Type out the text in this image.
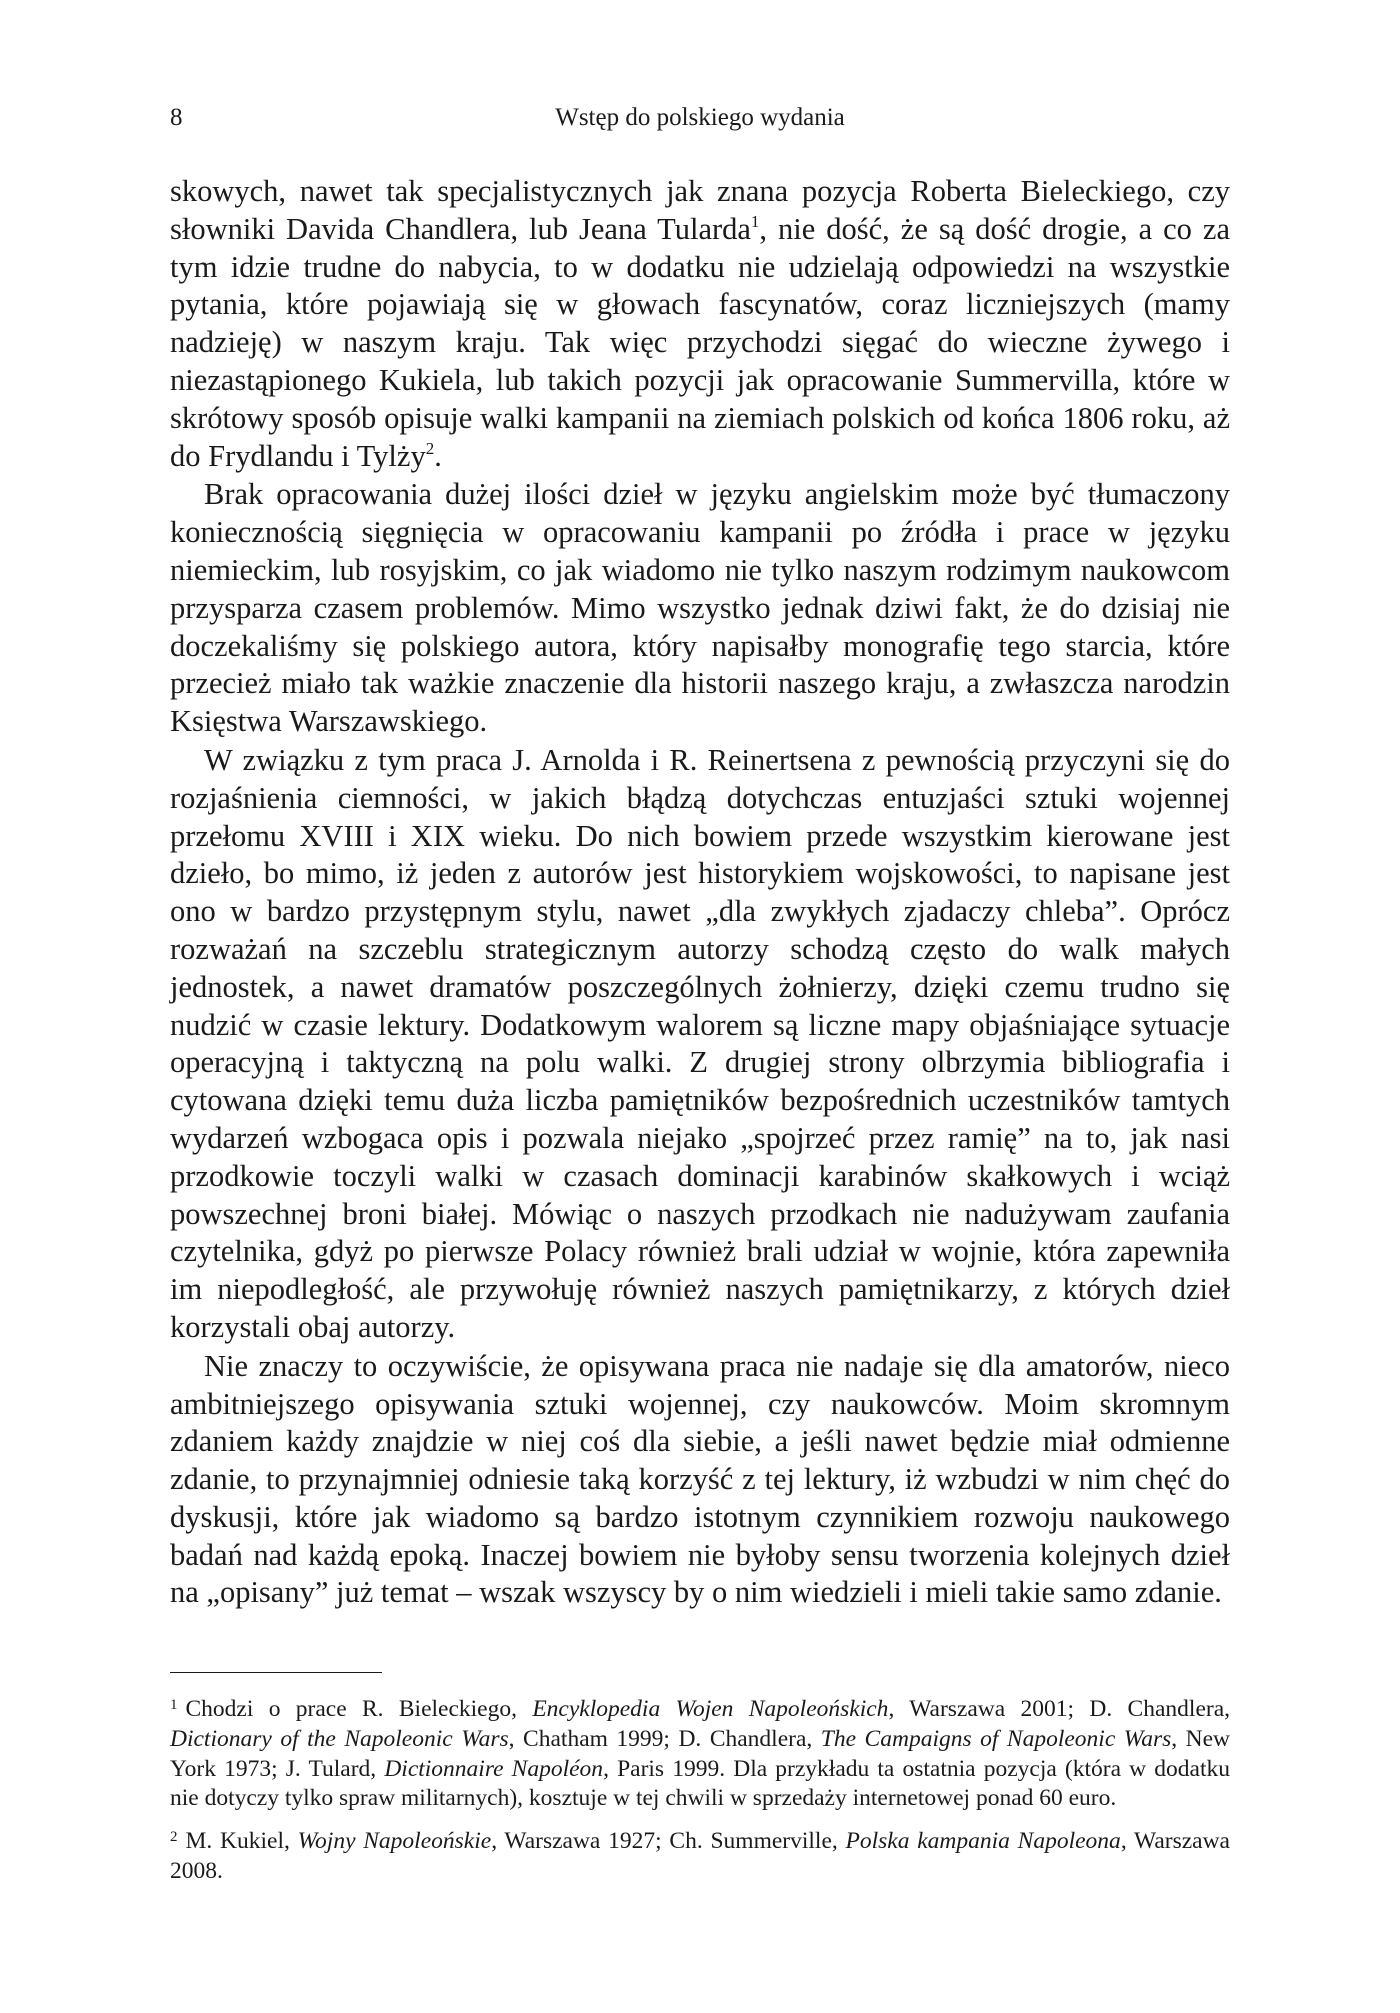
8	Wstęp do polskiego wydania

skowych, nawet tak specjalistycznych jak znana pozycja Roberta Bieleckiego, czy słowniki Davida Chandlera, lub Jeana Tularda$^1$, nie dość, że są dość drogie, a co za tym idzie trudne do nabycia, to w dodatku nie udzielają odpowiedzi na wszystkie pytania, które pojawiają się w głowach fascynatów, coraz liczniejszych (mamy nadzieję) w naszym kraju. Tak więc przychodzi sięgać do wieczne żywego i niezastąpionego Kukiela, lub takich pozycji jak opracowanie Summervilla, które w skrótowy sposób opisuje walki kampanii na ziemiach polskich od końca 1806 roku, aż do Frydlandu i Tylży$^2$.

Brak opracowania dużej ilości dzieł w języku angielskim może być tłumaczony koniecznością sięgnięcia w opracowaniu kampanii po źródła i prace w języku niemieckim, lub rosyjskim, co jak wiadomo nie tylko naszym rodzimym naukowcom przysparza czasem problemów. Mimo wszystko jednak dziwi fakt, że do dzisiaj nie doczekaliśmy się polskiego autora, który napisałby monografię tego starcia, które przecież miało tak ważkie znaczenie dla historii naszego kraju, a zwłaszcza narodzin Księstwa Warszawskiego.

W związku z tym praca J. Arnolda i R. Reinertsena z pewnością przyczyni się do rozjaśnienia ciemności, w jakich błądzą dotychczas entuzjaści sztuki wojennej przełomu XVIII i XIX wieku. Do nich bowiem przede wszystkim kierowane jest dzieło, bo mimo, iż jeden z autorów jest historykiem wojskowości, to napisane jest ono w bardzo przystępnym stylu, nawet „dla zwykłych zjadaczy chleba”. Oprócz rozważań na szczeblu strategicznym autorzy schodzą często do walk małych jednostek, a nawet dramatów poszczególnych żołnierzy, dzięki czemu trudno się nudzić w czasie lektury. Dodatkowym walorem są liczne mapy objaśniające sytuacje operacyjną i taktyczną na polu walki. Z drugiej strony olbrzymia bibliografia i cytowana dzięki temu duża liczba pamiętników bezpośrednich uczestników tamtych wydarzeń wzbogaca opis i pozwala niejako „spojrzeć przez ramię” na to, jak nasi przodkowie toczyli walki w czasach dominacji karabinów skałkowych i wciąż powszechnej broni białej. Mówiąc o naszych przodkach nie nadużywam zaufania czytelnika, gdyż po pierwsze Polacy również brali udział w wojnie, która zapewniła im niepodległość, ale przywołuję również naszych pamiętnikarzy, z których dzieł korzystali obaj autorzy.

Nie znaczy to oczywiście, że opisywana praca nie nadaje się dla amatorów, nieco ambitniejszego opisywania sztuki wojennej, czy naukowców. Moim skromnym zdaniem każdy znajdzie w niej coś dla siebie, a jeśli nawet będzie miał odmienne zdanie, to przynajmniej odniesie taką korzyść z tej lektury, iż wzbudzi w nim chęć do dyskusji, które jak wiadomo są bardzo istotnym czynnikiem rozwoju naukowego badań nad każdą epoką. Inaczej bowiem nie byłoby sensu tworzenia kolejnych dzieł na „opisany” już temat – wszak wszyscy by o nim wiedzieli i mieli takie samo zdanie.

$^1$ Chodzi o prace R. Bieleckiego, Encyklopedia Wojen Napoleońskich, Warszawa 2001; D. Chandlera, Dictionary of the Napoleonic Wars, Chatham 1999; D. Chandlera, The Campaigns of Napoleonic Wars, New York 1973; J. Tulard, Dictionnaire Napoléon, Paris 1999. Dla przykładu ta ostatnia pozycja (która w dodatku nie dotyczy tylko spraw militarnych), kosztuje w tej chwili w sprzedaży internetowej ponad 60 euro.

$^2$ M. Kukiel, Wojny Napoleońskie, Warszawa 1927; Ch. Summerville, Polska kampania Napoleona, Warszawa 2008.
